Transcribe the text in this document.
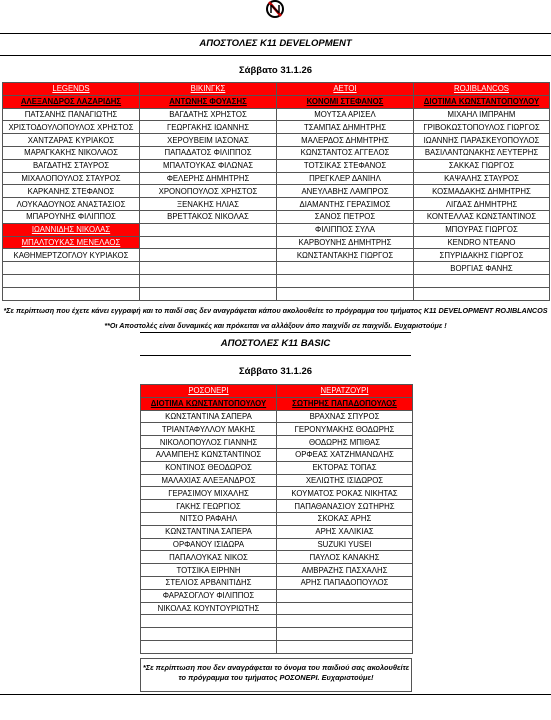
ΑΠΟΣΤΟΛΕΣ Κ11 DEVELOPMENT
Σάββατο 31.1.26
LEGENDS	ΒΙΚΙΝΓΚΣ	ΑΕΤΟΙ	ROJIBLANCOS
ΑΛΕΞΑΝΔΡΟΣ ΛΑΖΑΡΙΔΗΣ	ΑΝΤΩΝΗΣ ΦΟΥΑΣΗΣ	ΚΟΝΟΜΙ ΣΤΕΦΑΝΟΣ	ΔΙΟΤΙΜΑ ΚΩΝΣΤΑΝΤΟΠΟΥΛΟΥ
ΠΑΤΣΑΝΗΣ ΠΑΝΑΓΙΩΤΗΣ	ΒΑΓΔΑΤΗΣ ΧΡΗΣΤΟΣ	ΜΟΥΤΣΑ ΑΡΙΣΕΛ	ΜΙΧΑΗΛ ΙΜΠΡΑΗΜ
ΧΡΙΣΤΟΔΟΥΛΟΠΟΥΛΟΣ ΧΡΗΣΤΟΣ	ΓΕΩΡΓΑΚΗΣ ΙΩΑΝΝΗΣ	ΤΣΑΜΠΑΣ ΔΗΜΗΤΡΗΣ	ΓΡΙΒΟΚΩΣΤΟΠΟΥΛΟΣ ΓΙΩΡΓΟΣ
ΧΑΝΤΖΑΡΑΣ ΚΥΡΙΑΚΟΣ	ΧΕΡΟΥΒΕΙΜ ΙΑΣΟΝΑΣ	ΜΑΛΕΡΔΟΣ ΔΗΜΗΤΡΗΣ	ΙΩΑΝΝΗΣ ΠΑΡΑΣΚΕΥΟΠΟΥΛΟΣ
ΜΑΡΑΓΚΑΚΗΣ ΝΙΚΟΛΑΟΣ	ΠΑΠΑΔΑΤΟΣ ΦΙΛΙΠΠΟΣ	ΚΩΝΣΤΑΝΤΟΣ ΑΓΓΕΛΟΣ	ΒΑΣΙΛΑΝΤΩΝΑΚΗΣ ΛΕΥΤΕΡΗΣ
ΒΑΓΔΑΤΗΣ ΣΤΑΥΡΟΣ	ΜΠΑΛΤΟΥΚΑΣ ΦΙΛΩΝΑΣ	ΤΟΤΣΙΚΑΣ ΣΤΕΦΑΝΟΣ	ΣΑΚΚΑΣ ΓΙΩΡΓΟΣ
ΜΙΧΑΛΟΠΟΥΛΟΣ ΣΤΑΥΡΟΣ	ΦΕΛΕΡΗΣ ΔΗΜΗΤΡΗΣ	ΠΡΕΓΚΛΕΡ ΔΑΝΙΗΛ	ΚΑΨΑΛΗΣ ΣΤΑΥΡΟΣ
ΚΑΡΚΑΝΗΣ ΣΤΕΦΑΝΟΣ	ΧΡΟΝΟΠΟΥΛΟΣ ΧΡΗΣΤΟΣ	ΑΝΕΥΛΑΒΗΣ ΛΑΜΠΡΟΣ	ΚΟΣΜΑΔΑΚΗΣ ΔΗΜΗΤΡΗΣ
ΛΟΥΚΑΔΟΥΝΟΣ ΑΝΑΣΤΑΣΙΟΣ	ΞΕΝΑΚΗΣ ΗΛΙΑΣ	ΔΙΑΜΑΝΤΗΣ ΓΕΡΑΣΙΜΟΣ	ΛΙΓΔΑΣ ΔΗΜΗΤΡΗΣ
ΜΠΑΡΟΥΝΗΣ ΦΙΛΙΠΠΟΣ	ΒΡΕΤΤΑΚΟΣ ΝΙΚΟΛΑΣ	ΣΑΝΟΣ ΠΕΤΡΟΣ	ΚΟΝΤΕΛΛΑΣ ΚΩΝΣΤΑΝΤΙΝΟΣ
ΙΩΑΝΝΙΔΗΣ ΝΙΚΟΛΑΣ		ΦΙΛΙΠΠΟΣ ΣΥΛΑ	ΜΠΟΥΡΑΣ ΓΙΩΡΓΟΣ
ΜΠΑΛΤΟΥΚΑΣ ΜΕΝΕΛΑΟΣ		ΚΑΡΒΟΥΝΗΣ ΔΗΜΗΤΡΗΣ	KENDRO ΝΤΕΑΝΟ
ΚΑΘΗΜΕΡΤΖΟΓΛΟΥ ΚΥΡΙΑΚΟΣ		ΚΩΝΣΤΑΝΤΑΚΗΣ ΓΙΩΡΓΟΣ	ΣΠΥΡΙΔΑΚΗΣ ΓΙΩΡΓΟΣ
			ΒΟΡΓΙΑΣ ΦΑΝΗΣ

*Σε περίπτωση που έχετε κάνει εγγραφή και το παιδί σας δεν αναγράφεται κάπου ακολουθείτε το πρόγραμμα του τμήματος Κ11 DEVELOPMENT ROJIBLANCOS
**Οι Αποστολές είναι δυναμικές και πρόκειται να αλλάξουν άπο παιχνίδι σε παιχνίδι. Ευχαριστούμε !
ΑΠΟΣΤΟΛΕΣ Κ11 BASIC
Σάββατο 31.1.26
ΡΟΣΟΝΕΡΙ	ΝΕΡΑΤΖΟΥΡΙ
ΔΙΟΤΙΜΑ ΚΩΝΣΤΑΝΤΟΠΟΥΛΟΥ	ΣΩΤΗΡΗΣ ΠΑΠΑΔΟΠΟΥΛΟΣ
ΚΩΝΣΤΑΝΤΙΝΑ ΣΑΠΕΡΑ	ΒΡΑΧΝΑΣ ΣΠΥΡΟΣ
ΤΡΙΑΝΤΑΦΥΛΛΟΥ ΜΑΚΗΣ	ΓΕΡΟΝΥΜΑΚΗΣ ΘΟΔΩΡΗΣ
ΝΙΚΟΛΟΠΟΥΛΟΣ ΓΙΑΝΝΗΣ	ΘΟΔΩΡΗΣ ΜΠΙΘΑΣ
ΑΛΑΜΠΕΗΣ ΚΩΝΣΤΑΝΤΙΝΟΣ	ΟΡΦΕΑΣ ΧΑΤΖΗΜΑΝΩΛΗΣ
ΚΟΝΤΙΝΟΣ ΘΕΟΔΩΡΟΣ	ΕΚΤΟΡΑΣ ΤΟΠΑΣ
ΜΑΛΑΧΙΑΣ ΑΛΕΞΑΝΔΡΟΣ	ΧΕΛΙΩΤΗΣ ΙΣΙΔΩΡΟΣ
ΓΕΡΑΣΙΜΟΥ ΜΙΧΑΛΗΣ	ΚΟΥΜΑΤΟΣ ΡΟΚΑΣ ΝΙΚΗΤΑΣ
ΓΑΚΗΣ ΓΕΩΡΓΙΟΣ	ΠΑΠΑΘΑΝΑΣΙΟΥ ΣΩΤΗΡΗΣ
ΝΙΤΣΟ ΡΑΦΑΗΛ	ΣΚΟΚΑΣ ΑΡΗΣ
ΚΩΝΣΤΑΝΤΙΝΑ ΣΑΠΕΡΑ	ΑΡΗΣ ΧΑΛΙΚΙΑΣ
ΟΡΦΑΝΟΥ ΙΣΙΔΩΡΑ	SUZUKI YUSEI
ΠΑΠΑΛΟΥΚΑΣ ΝΙΚΟΣ	ΠΑΥΛΟΣ ΚΑΝΑΚΗΣ
ΤΟΤΣΙΚΑ ΕΙΡΗΝΗ	ΑΜΒΡΑΖΗΣ ΠΑΣΧΑΛΗΣ
ΣΤΕΛΙΟΣ ΑΡΒΑΝΙΤΙΔΗΣ	ΑΡΗΣ ΠΑΠΑΔΟΠΟΥΛΟΣ
ΦΑΡΑΣΟΓΛΟΥ ΦΙΛΙΠΠΟΣ	
ΝΙΚΟΛΑΣ ΚΟΥΝΤΟΥΡΙΩΤΗΣ	

*Σε περίπτωση που δεν αναγράφεται το όνομα του παιδιού σας ακολουθείτε το πρόγραμμα του τμήματος ΡΟΣΟΝΕΡΙ. Ευχαριστούμε!
